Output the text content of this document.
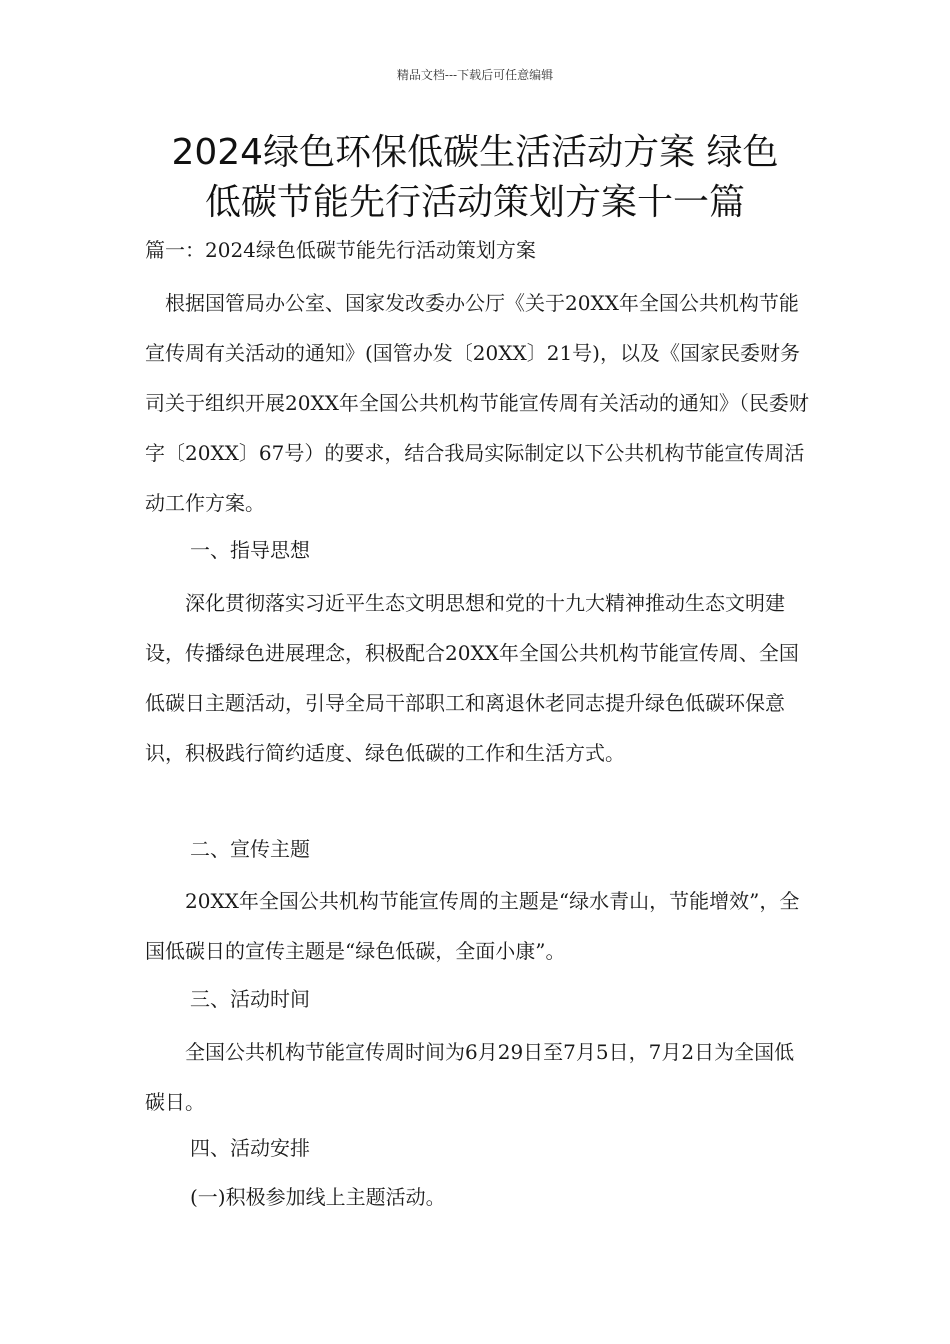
精品文档---下载后可任意编辑
2024绿色环保低碳生活活动方案 绿色
低碳节能先行活动策划方案十一篇
篇一：2024绿色低碳节能先行活动策划方案

　根据国管局办公室、国家发改委办公厅《关于20XX年全国公共机构节能宣传周有关活动的通知》(国管办发〔20XX〕21号)，以及《国家民委财务司关于组织开展20XX年全国公共机构节能宣传周有关活动的通知》（民委财字〔20XX〕67号）的要求，结合我局实际制定以下公共机构节能宣传周活动工作方案。

一、指导思想

　　深化贯彻落实习近平生态文明思想和党的十九大精神推动生态文明建设，传播绿色进展理念，积极配合20XX年全国公共机构节能宣传周、全国低碳日主题活动，引导全局干部职工和离退休老同志提升绿色低碳环保意识，积极践行简约适度、绿色低碳的工作和生活方式。

二、宣传主题

　　20XX年全国公共机构节能宣传周的主题是“绿水青山，节能增效”，全国低碳日的宣传主题是“绿色低碳，全面小康”。

三、活动时间

　　全国公共机构节能宣传周时间为6月29日至7月5日，7月2日为全国低碳日。

四、活动安排
(一)积极参加线上主题活动。
